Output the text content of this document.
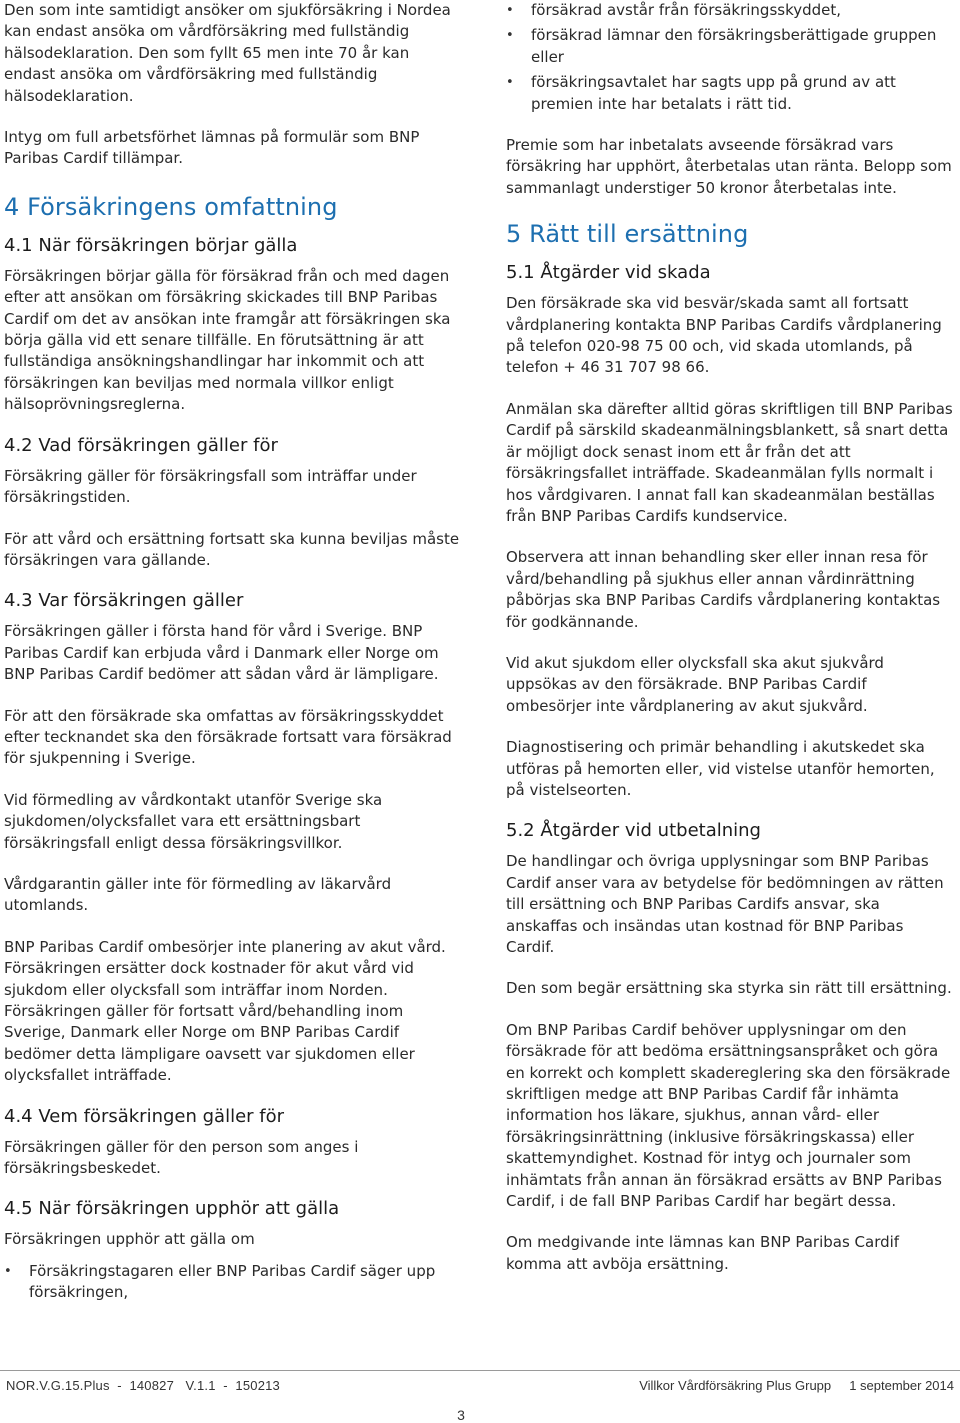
Den som inte samtidigt ansöker om sjukförsäkring i Nordea kan endast ansöka om vårdförsäkring med fullständig hälsodeklaration. Den som fyllt 65 men inte 70 år kan endast ansöka om vårdförsäkring med fullständig hälsodeklaration.

Intyg om full arbetsförhet lämnas på formulär som BNP Paribas Cardif tillämpar.

4 Försäkringens omfattning
4.1 När försäkringen börjar gälla

Försäkringen börjar gälla för försäkrad från och med dagen efter att ansökan om försäkring skickades till BNP Paribas Cardif om det av ansökan inte framgår att försäkringen ska börja gälla vid ett senare tillfälle. En förutsättning är att fullständiga ansökningshandlingar har inkommit och att försäkringen kan beviljas med normala villkor enligt hälsoprövningsreglerna.

4.2 Vad försäkringen gäller för

Försäkring gäller för försäkringsfall som inträffar under försäkringstiden.

För att vård och ersättning fortsatt ska kunna beviljas måste försäkringen vara gällande.

4.3 Var försäkringen gäller

Försäkringen gäller i första hand för vård i Sverige. BNP Paribas Cardif kan erbjuda vård i Danmark eller Norge om BNP Paribas Cardif bedömer att sådan vård är lämpligare.

För att den försäkrade ska omfattas av försäkringsskyddet efter tecknandet ska den försäkrade fortsatt vara försäkrad för sjukpenning i Sverige.

Vid förmedling av vårdkontakt utanför Sverige ska sjukdomen/olycksfallet vara ett ersättningsbart försäkringsfall enligt dessa försäkringsvillkor.

Vårdgarantin gäller inte för förmedling av läkarvård utomlands.

BNP Paribas Cardif ombesörjer inte planering av akut vård. Försäkringen ersätter dock kostnader för akut vård vid sjukdom eller olycksfall som inträffar inom Norden. Försäkringen gäller för fortsatt vård/behandling inom Sverige, Danmark eller Norge om BNP Paribas Cardif bedömer detta lämpligare oavsett var sjukdomen eller olycksfallet inträffade.

4.4 Vem försäkringen gäller för

Försäkringen gäller för den person som anges i försäkringsbeskedet.

4.5 När försäkringen upphör att gälla

Försäkringen upphör att gälla om

• Försäkringstagaren eller BNP Paribas Cardif säger upp försäkringen,
• försäkrad avstår från försäkringsskyddet,
• försäkrad lämnar den försäkringsberättigade gruppen eller
• försäkringsavtalet har sagts upp på grund av att premien inte har betalats i rätt tid.

Premie som har inbetalats avseende försäkrad vars försäkring har upphört, återbetalas utan ränta. Belopp som sammanlagt understiger 50 kronor återbetalas inte.

5 Rätt till ersättning
5.1 Åtgärder vid skada

Den försäkrade ska vid besvär/skada samt all fortsatt vårdplanering kontakta BNP Paribas Cardifs vårdplanering på telefon 020-98 75 00 och, vid skada utomlands, på telefon + 46 31 707 98 66.

Anmälan ska därefter alltid göras skriftligen till BNP Paribas Cardif på särskild skadeanmälningsblankett, så snart detta är möjligt dock senast inom ett år från det att försäkringsfallet inträffade. Skadeanmälan fylls normalt i hos vårdgivaren. I annat fall kan skadeanmälan beställas från BNP Paribas Cardifs kundservice.

Observera att innan behandling sker eller innan resa för vård/behandling på sjukhus eller annan vårdinrättning påbörjas ska BNP Paribas Cardifs vårdplanering kontaktas för godkännande.

Vid akut sjukdom eller olycksfall ska akut sjukvård uppsökas av den försäkrade. BNP Paribas Cardif ombesörjer inte vårdplanering av akut sjukvård.

Diagnostisering och primär behandling i akutskedet ska utföras på hemorten eller, vid vistelse utanför hemorten, på vistelseorten.

5.2 Åtgärder vid utbetalning

De handlingar och övriga upplysningar som BNP Paribas Cardif anser vara av betydelse för bedömningen av rätten till ersättning och BNP Paribas Cardifs ansvar, ska anskaffas och insändas utan kostnad för BNP Paribas Cardif.

Den som begär ersättning ska styrka sin rätt till ersättning.

Om BNP Paribas Cardif behöver upplysningar om den försäkrade för att bedöma ersättningsanspråket och göra en korrekt och komplett skadereglering ska den försäkrade skriftligen medge att BNP Paribas Cardif får inhämta information hos läkare, sjukhus, annan vård- eller försäkringsinrättning (inklusive försäkringskassa) eller skattemyndighet. Kostnad för intyg och journaler som inhämtats från annan än försäkrad ersätts av BNP Paribas Cardif, i de fall BNP Paribas Cardif har begärt dessa.

Om medgivande inte lämnas kan BNP Paribas Cardif komma att avböja ersättning.

NOR.V.G.15.Plus  -  140827   V.1.1  -  150213	Villkor Vårdförsäkring Plus Grupp     1 september 2014
3
